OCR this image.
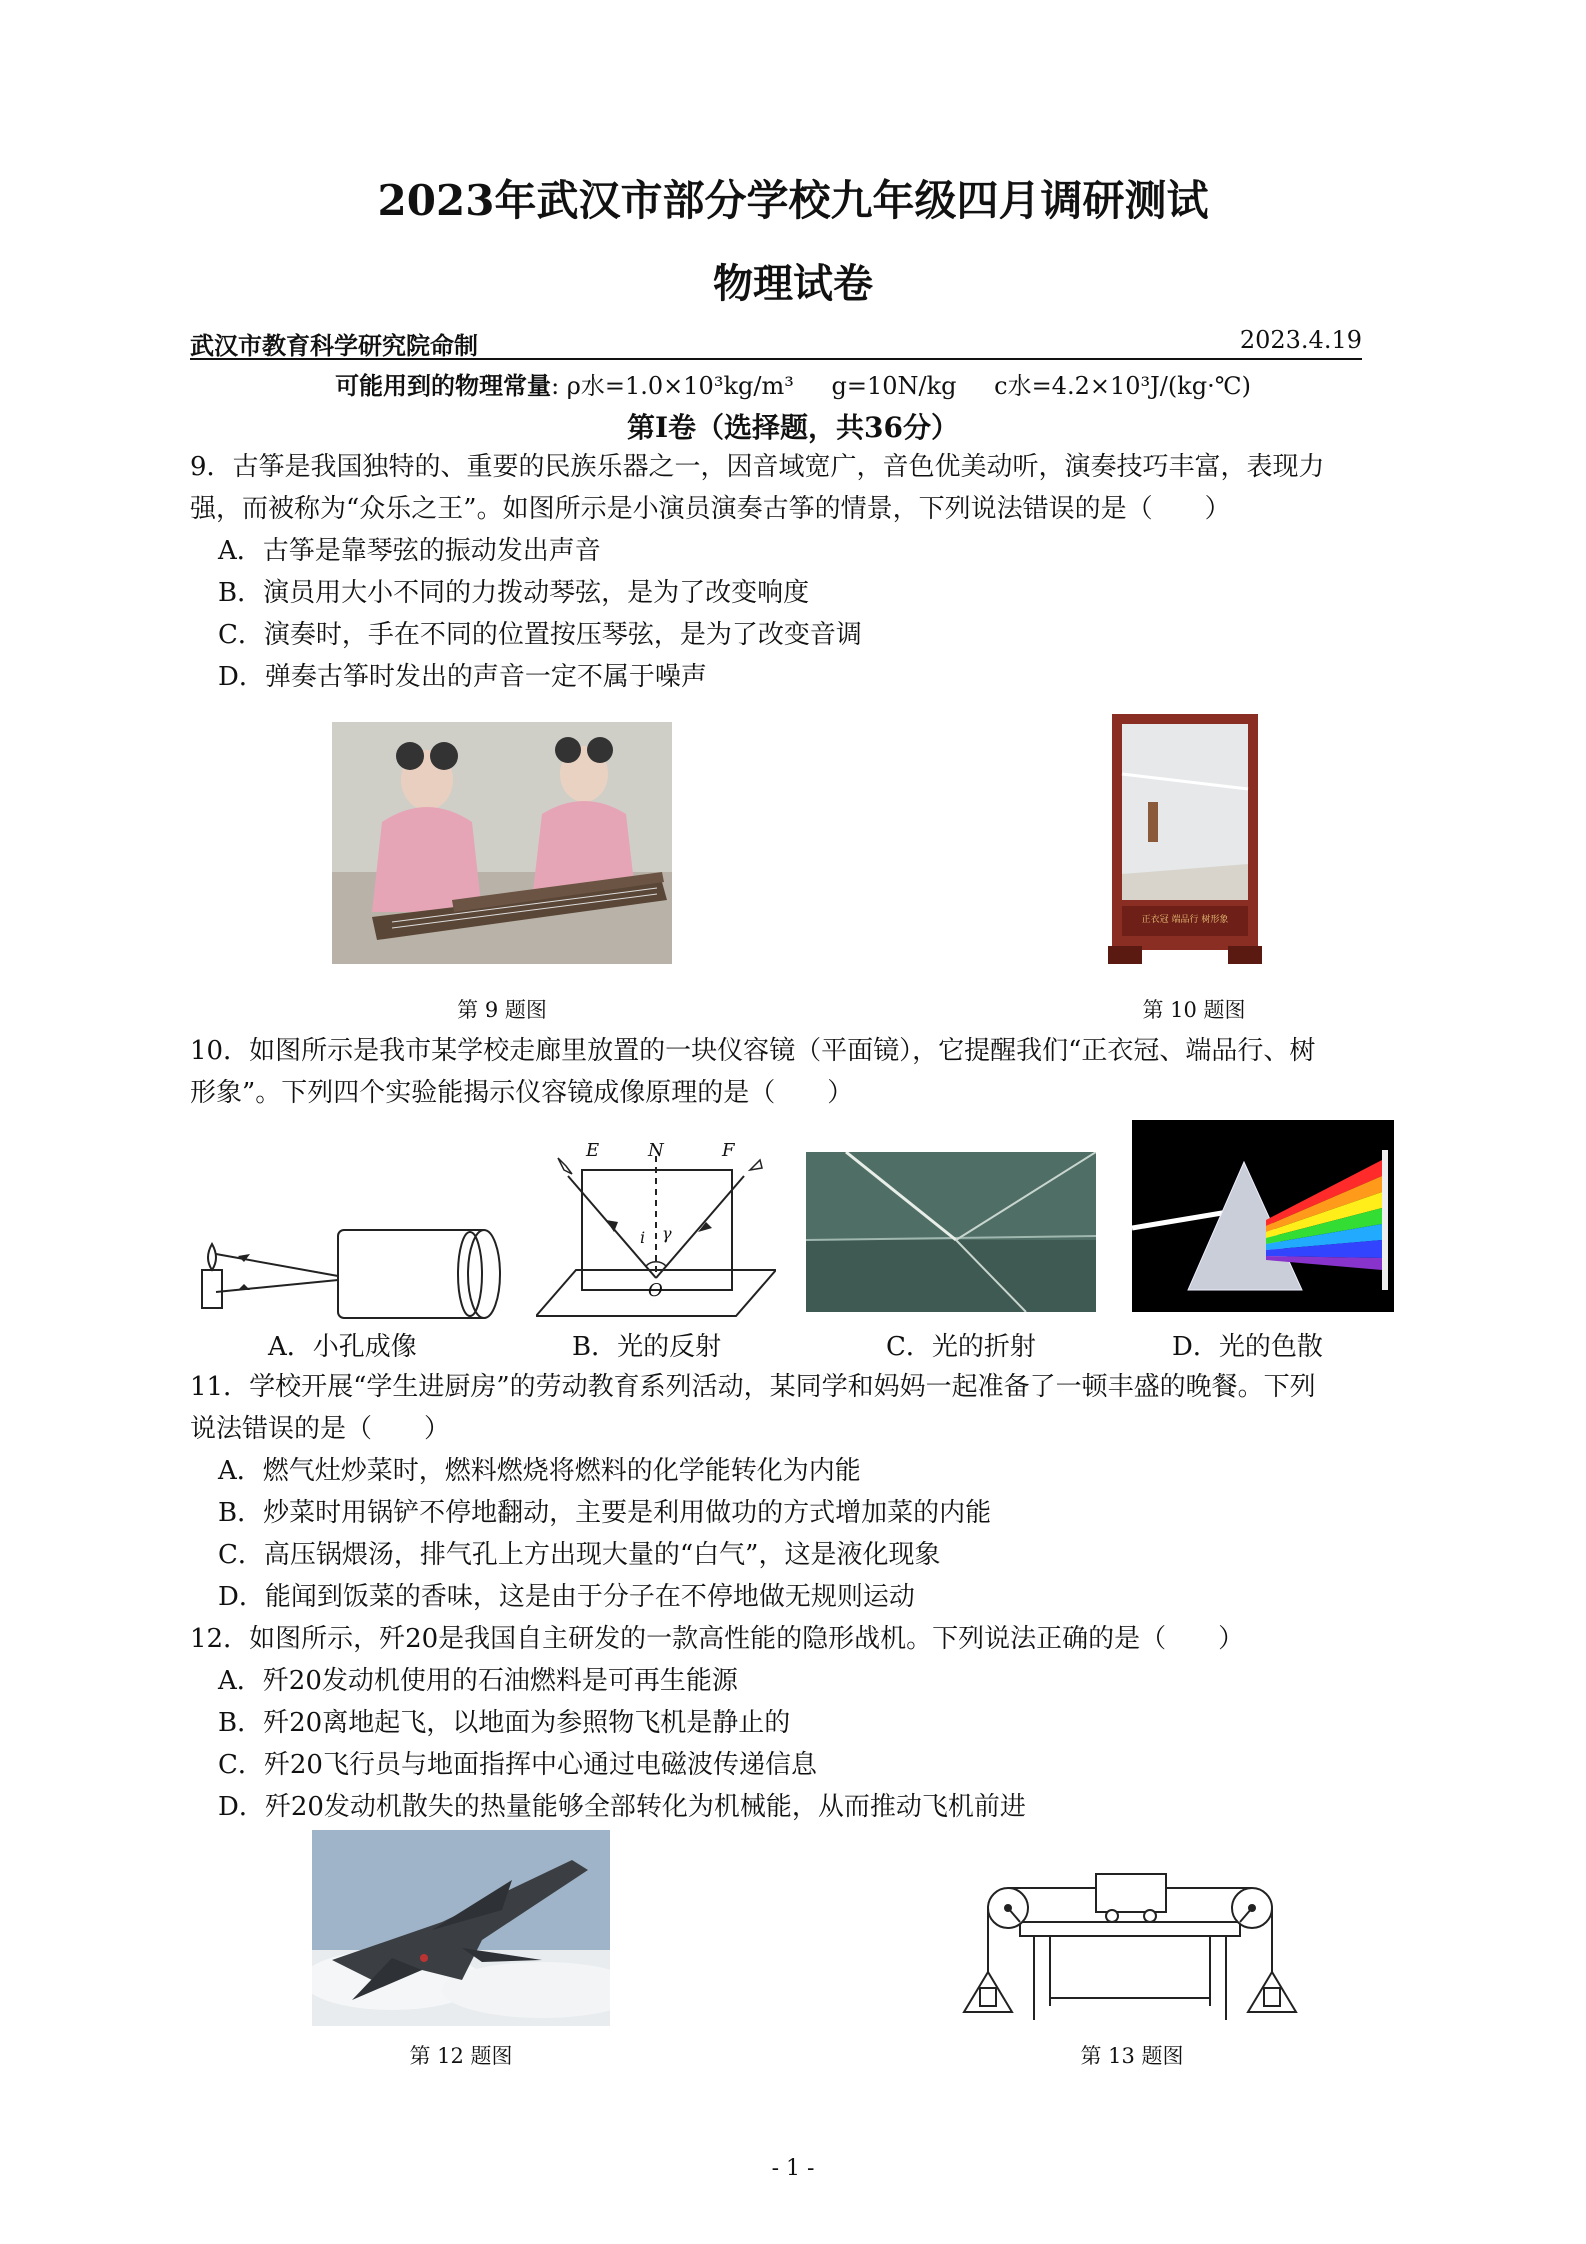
2023年武汉市部分学校九年级四月调研测试
物理试卷
武汉市教育科学研究院命制	2023.4.19
可能用到的物理常量: ρ水=1.0×10³kg/m³ g=10N/kg c水=4.2×10³J/(kg·℃)
第Ⅰ卷（选择题，共36分）
9．古筝是我国独特的、重要的民族乐器之一，因音域宽广，音色优美动听，演奏技巧丰富，表现力
强，而被称为“众乐之王”。如图所示是小演员演奏古筝的情景，下列说法错误的是（　　）
A．古筝是靠琴弦的振动发出声音
B．演员用大小不同的力拨动琴弦，是为了改变响度
C．演奏时，手在不同的位置按压琴弦，是为了改变音调
D．弹奏古筝时发出的声音一定不属于噪声
第 9 题图
正衣冠 端品行 树形象
第 10 题图
10．如图所示是我市某学校走廊里放置的一块仪容镜（平面镜），它提醒我们“正衣冠、端品行、树
形象”。下列四个实验能揭示仪容镜成像原理的是（　　）
E	N	F
O
i γ
A．小孔成像	B．光的反射	C．光的折射	D．光的色散
11．学校开展“学生进厨房”的劳动教育系列活动，某同学和妈妈一起准备了一顿丰盛的晚餐。下列
说法错误的是（　　）
A．燃气灶炒菜时，燃料燃烧将燃料的化学能转化为内能
B．炒菜时用锅铲不停地翻动，主要是利用做功的方式增加菜的内能
C．高压锅煨汤，排气孔上方出现大量的“白气”，这是液化现象
D．能闻到饭菜的香味，这是由于分子在不停地做无规则运动
12．如图所示，歼20是我国自主研发的一款高性能的隐形战机。下列说法正确的是（　　）
A．歼20发动机使用的石油燃料是可再生能源
B．歼20离地起飞，以地面为参照物飞机是静止的
C．歼20飞行员与地面指挥中心通过电磁波传递信息
D．歼20发动机散失的热量能够全部转化为机械能，从而推动飞机前进
第 12 题图	第 13 题图
- 1 -
